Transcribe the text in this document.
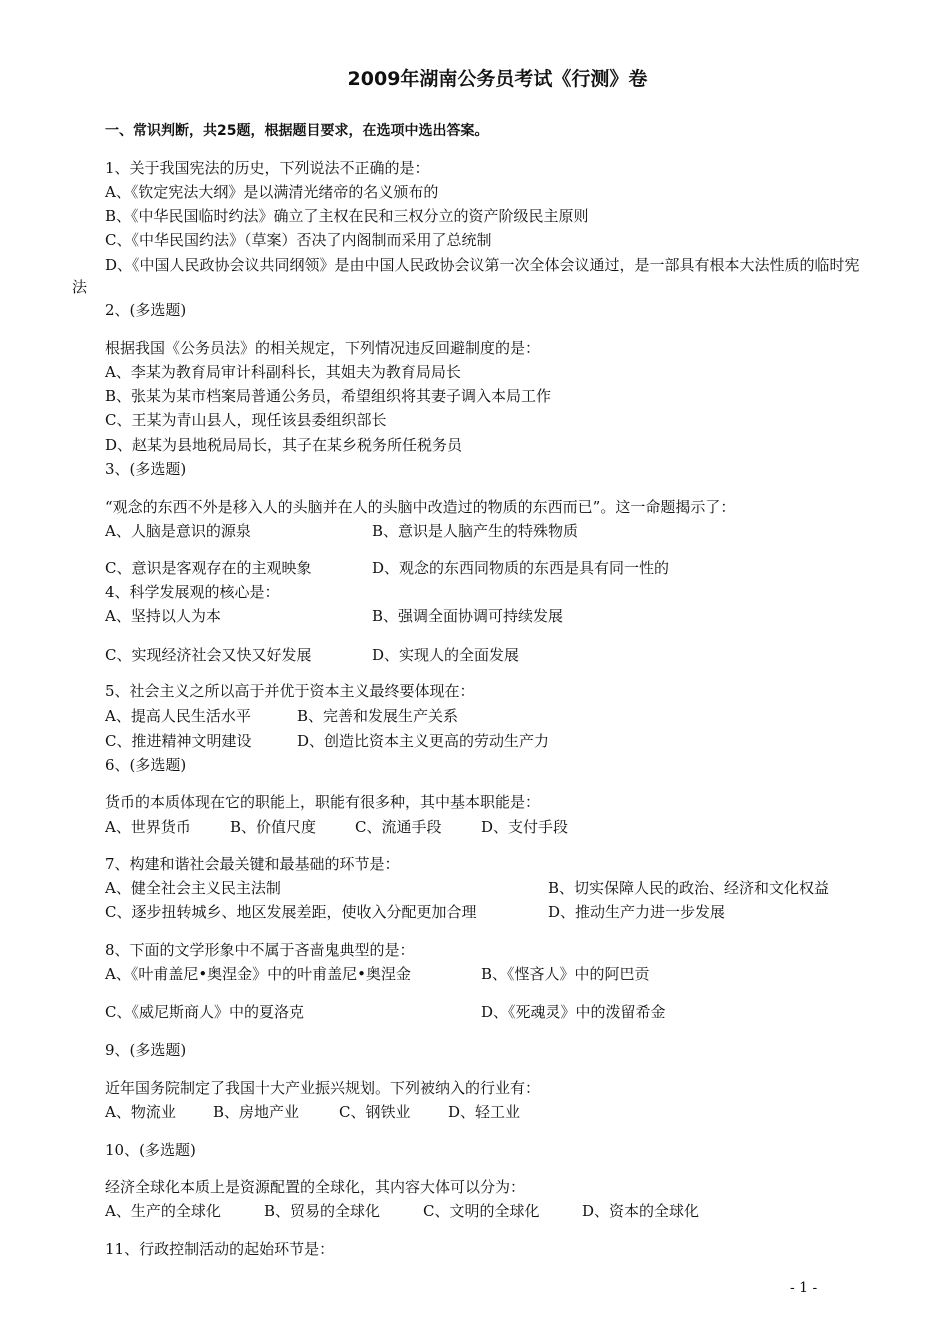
2009年湖南公务员考试《行测》卷
一、常识判断，共25题，根据题目要求，在选项中选出答案。
1、关于我国宪法的历史，下列说法不正确的是：
A、《钦定宪法大纲》是以满清光绪帝的名义颁布的
B、《中华民国临时约法》确立了主权在民和三权分立的资产阶级民主原则
C、《中华民国约法》（草案）否决了内阁制而采用了总统制
D、《中国人民政协会议共同纲领》是由中国人民政协会议第一次全体会议通过，是一部具有根本大法性质的临时宪法
2、(多选题)
根据我国《公务员法》的相关规定，下列情况违反回避制度的是：
A、李某为教育局审计科副科长，其姐夫为教育局局长
B、张某为某市档案局普通公务员，希望组织将其妻子调入本局工作
C、王某为青山县人，现任该县委组织部长
D、赵某为县地税局局长，其子在某乡税务所任税务员
3、(多选题)
“观念的东西不外是移入人的头脑并在人的头脑中改造过的物质的东西而已”。这一命题揭示了：
A、人脑是意识的源泉	B、意识是人脑产生的特殊物质
C、意识是客观存在的主观映象	D、观念的东西同物质的东西是具有同一性的
4、科学发展观的核心是：
A、坚持以人为本	B、强调全面协调可持续发展
C、实现经济社会又快又好发展	D、实现人的全面发展
5、社会主义之所以高于并优于资本主义最终要体现在：
A、提高人民生活水平	B、完善和发展生产关系
C、推进精神文明建设	D、创造比资本主义更高的劳动生产力
6、(多选题)
货币的本质体现在它的职能上，职能有很多种，其中基本职能是：
A、世界货币	B、价值尺度	C、流通手段	D、支付手段
7、构建和谐社会最关键和最基础的环节是：
A、健全社会主义民主法制	B、切实保障人民的政治、经济和文化权益
C、逐步扭转城乡、地区发展差距，使收入分配更加合理	D、推动生产力进一步发展
8、下面的文学形象中不属于吝啬鬼典型的是：
A、《叶甫盖尼•奥涅金》中的叶甫盖尼•奥涅金	B、《悭吝人》中的阿巴贡
C、《威尼斯商人》中的夏洛克	D、《死魂灵》中的泼留希金
9、(多选题)
近年国务院制定了我国十大产业振兴规划。下列被纳入的行业有：
A、物流业 B、房地产业	C、钢铁业	D、轻工业
10、(多选题)
经济全球化本质上是资源配置的全球化，其内容大体可以分为：
A、生产的全球化	B、贸易的全球化	C、文明的全球化	D、资本的全球化
11、行政控制活动的起始环节是：
- 1 -
